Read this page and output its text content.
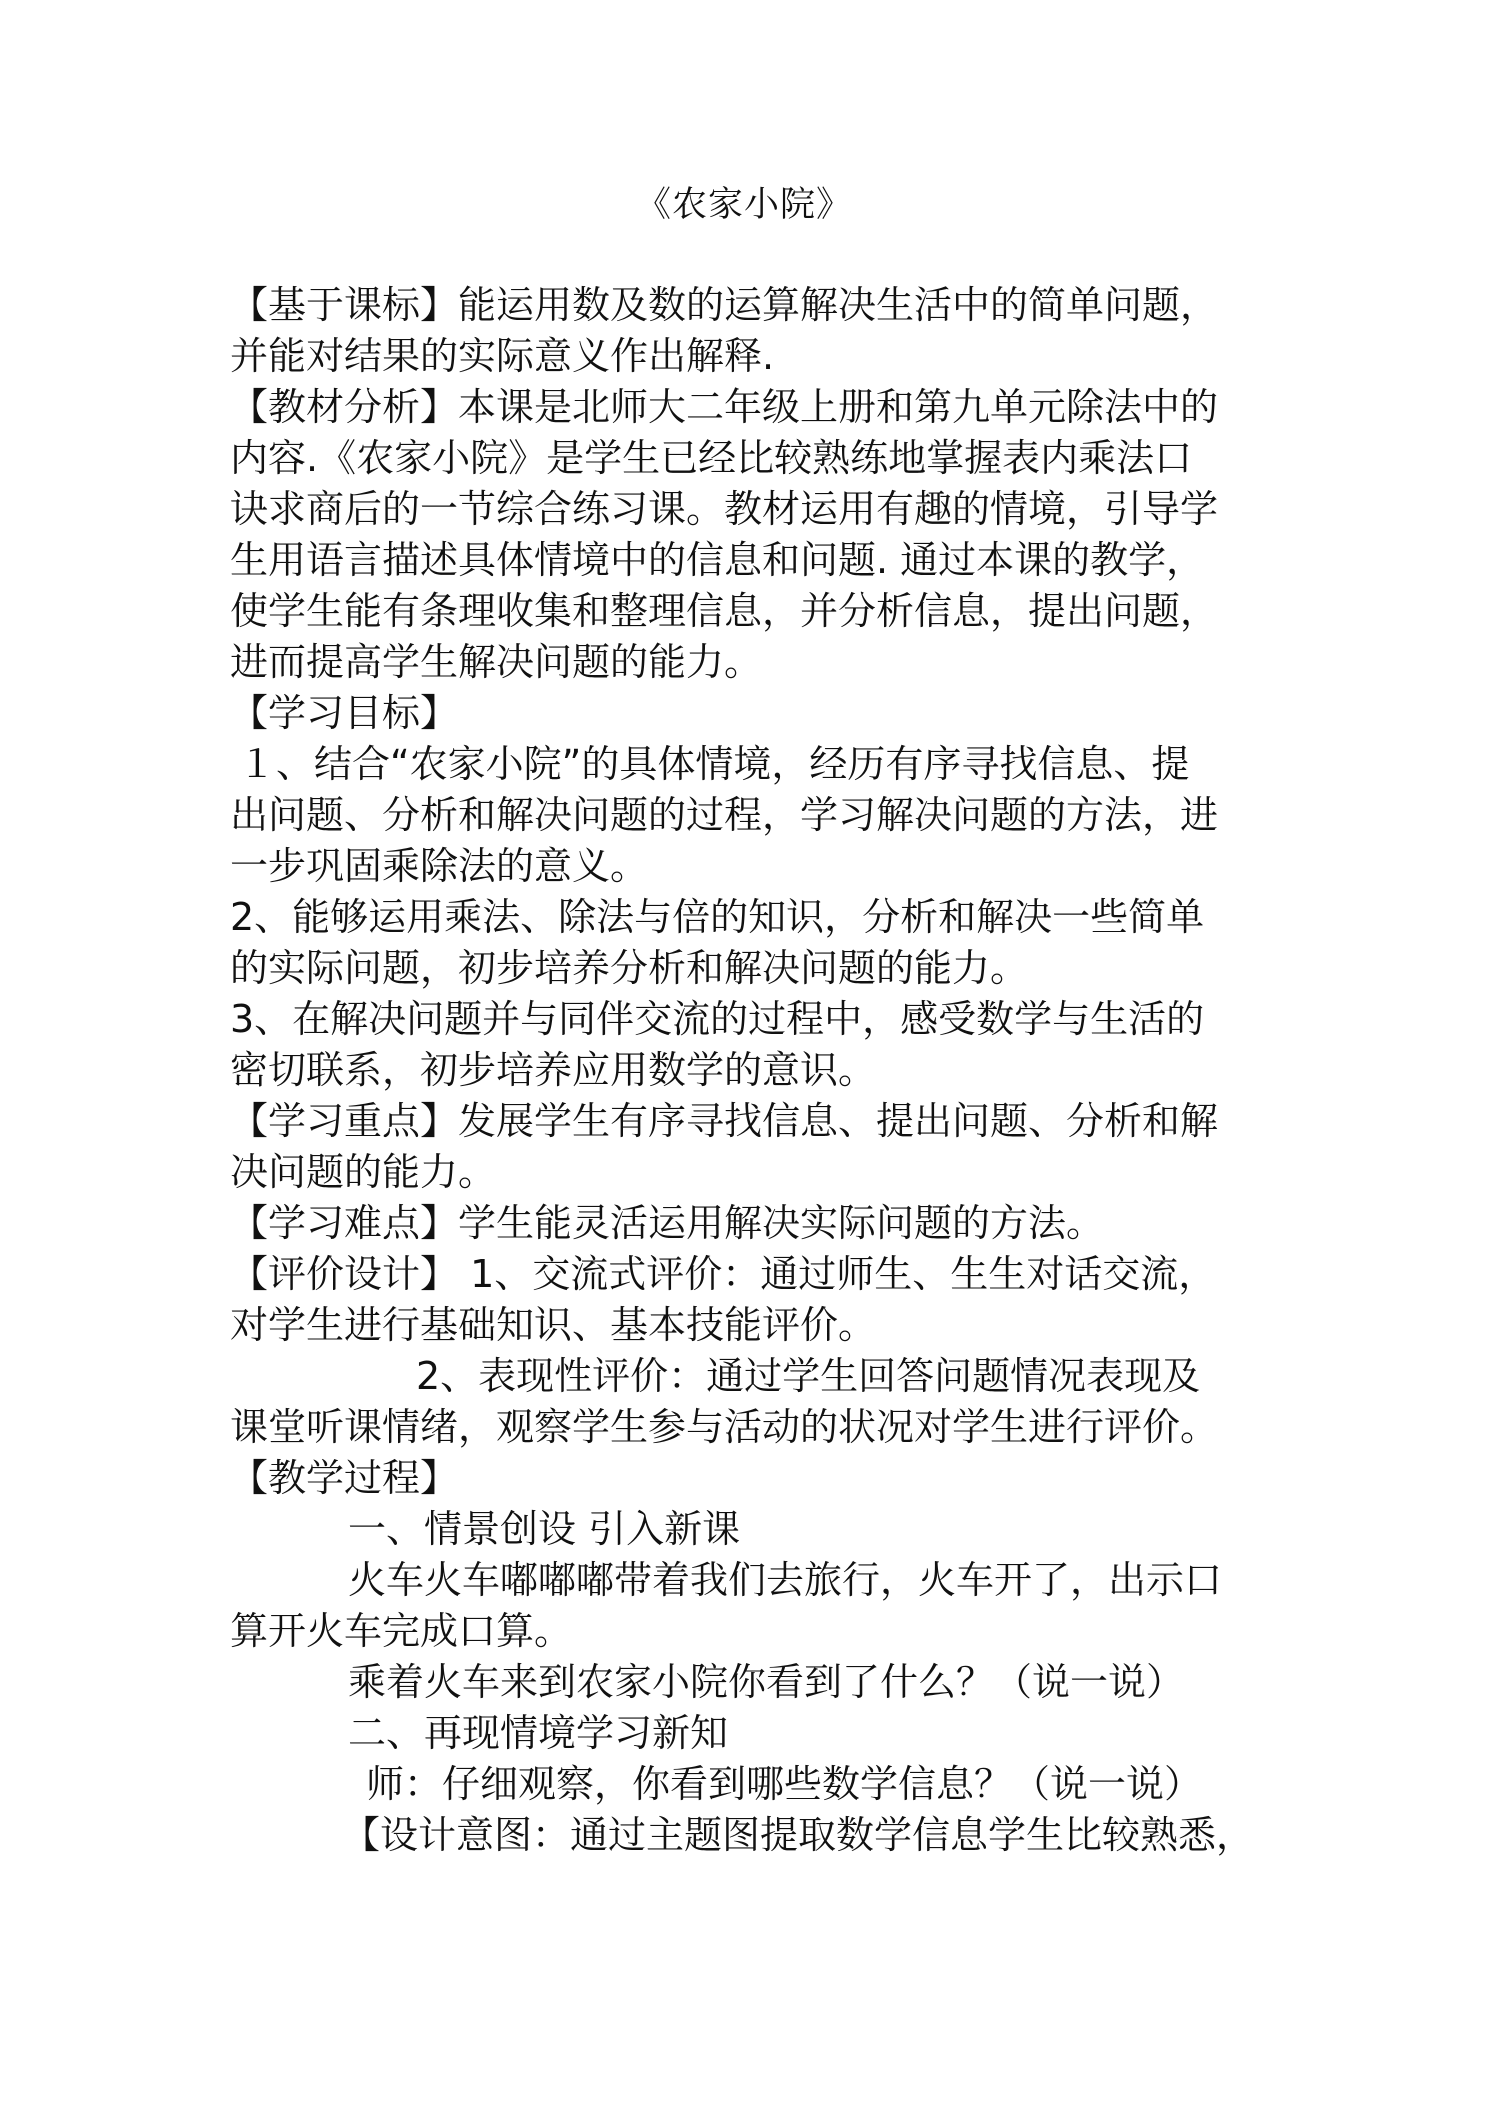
《农家小院》
【基于课标】能运用数及数的运算解决生活中的简单问题，
并能对结果的实际意义作出解释.
【教材分析】本课是北师大二年级上册和第九单元除法中的
内容.《农家小院》是学生已经比较熟练地掌握表内乘法口
诀求商后的一节综合练习课。教材运用有趣的情境，引导学
生用语言描述具体情境中的信息和问题. 通过本课的教学，
使学生能有条理收集和整理信息，并分析信息，提出问题，
进而提高学生解决问题的能力。
【学习目标】
１、结合“农家小院”的具体情境，经历有序寻找信息、提
出问题、分析和解决问题的过程，学习解决问题的方法，进
一步巩固乘除法的意义。
2、能够运用乘法、除法与倍的知识，分析和解决一些简单
的实际问题，初步培养分析和解决问题的能力。
3、在解决问题并与同伴交流的过程中，感受数学与生活的
密切联系，初步培养应用数学的意识。
【学习重点】发展学生有序寻找信息、提出问题、分析和解
决问题的能力。
【学习难点】学生能灵活运用解决实际问题的方法。
【评价设计】 1、交流式评价：通过师生、生生对话交流，
对学生进行基础知识、基本技能评价。
2、表现性评价：通过学生回答问题情况表现及
课堂听课情绪，观察学生参与活动的状况对学生进行评价。
【教学过程】
一、情景创设 引入新课
火车火车嘟嘟嘟带着我们去旅行，火车开了，出示口
算开火车完成口算。
乘着火车来到农家小院你看到了什么？（说一说）
二、再现情境学习新知
师：仔细观察，你看到哪些数学信息？（说一说）
【设计意图：通过主题图提取数学信息学生比较熟悉，
